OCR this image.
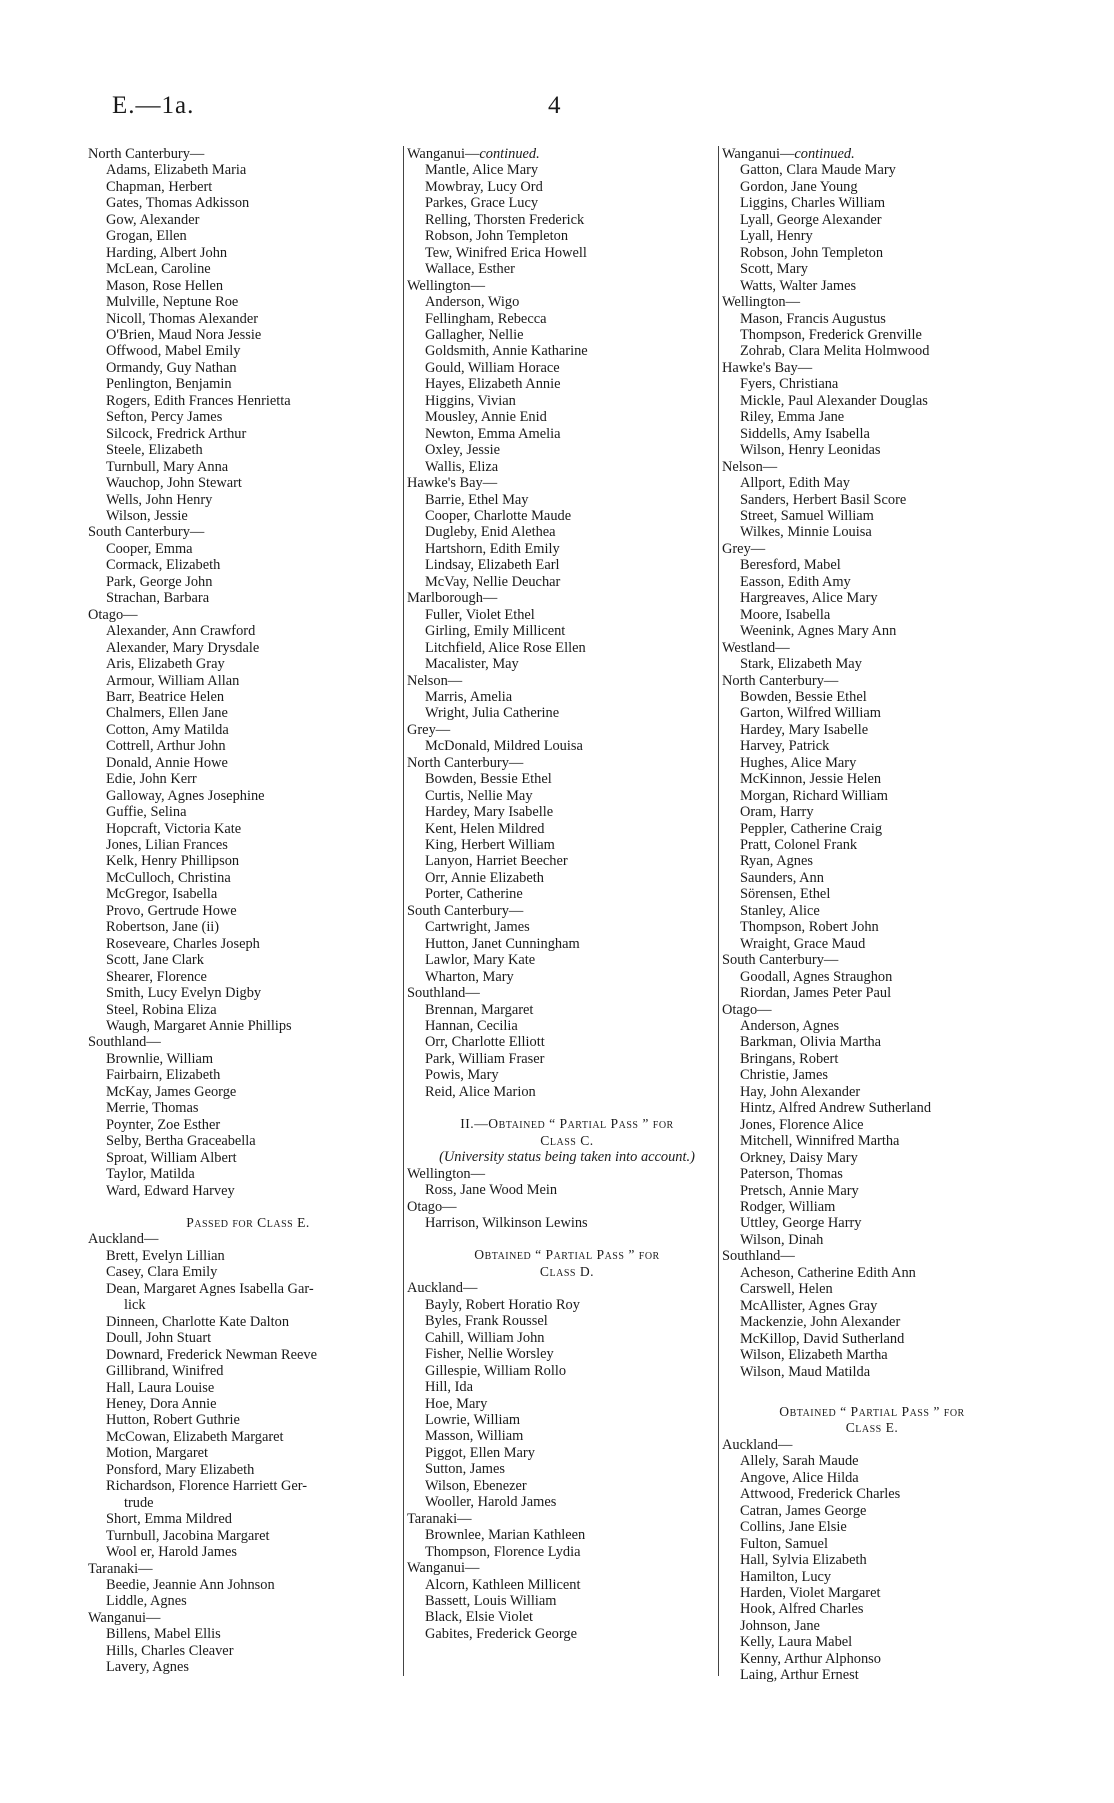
E.—1a.	4
North Canterbury—
Adams, Elizabeth Maria
Chapman, Herbert
Gates, Thomas Adkisson
Gow, Alexander
Grogan, Ellen
Harding, Albert John
McLean, Caroline
Mason, Rose Hellen
Mulville, Neptune Roe
Nicoll, Thomas Alexander
O'Brien, Maud Nora Jessie
Offwood, Mabel Emily
Ormandy, Guy Nathan
Penlington, Benjamin
Rogers, Edith Frances Henrietta
Sefton, Percy James
Silcock, Fredrick Arthur
Steele, Elizabeth
Turnbull, Mary Anna
Wauchop, John Stewart
Wells, John Henry
Wilson, Jessie
South Canterbury—
Cooper, Emma
Cormack, Elizabeth
Park, George John
Strachan, Barbara
Otago—
Alexander, Ann Crawford
Alexander, Mary Drysdale
Aris, Elizabeth Gray
Armour, William Allan
Barr, Beatrice Helen
Chalmers, Ellen Jane
Cotton, Amy Matilda
Cottrell, Arthur John
Donald, Annie Howe
Edie, John Kerr
Galloway, Agnes Josephine
Guffie, Selina
Hopcraft, Victoria Kate
Jones, Lilian Frances
Kelk, Henry Phillipson
McCulloch, Christina
McGregor, Isabella
Provo, Gertrude Howe
Robertson, Jane (ii)
Roseveare, Charles Joseph
Scott, Jane Clark
Shearer, Florence
Smith, Lucy Evelyn Digby
Steel, Robina Eliza
Waugh, Margaret Annie Phillips
Southland—
Brownlie, William
Fairbairn, Elizabeth
McKay, James George
Merrie, Thomas
Poynter, Zoe Esther
Selby, Bertha Graceabella
Sproat, William Albert
Taylor, Matilda
Ward, Edward Harvey
Passed for Class E.
Auckland—
Brett, Evelyn Lillian
Casey, Clara Emily
Dean, Margaret Agnes Isabella Gar-
lick
Dinneen, Charlotte Kate Dalton
Doull, John Stuart
Downard, Frederick Newman Reeve
Gillibrand, Winifred
Hall, Laura Louise
Heney, Dora Annie
Hutton, Robert Guthrie
McCowan, Elizabeth Margaret
Motion, Margaret
Ponsford, Mary Elizabeth
Richardson, Florence Harriett Ger-
trude
Short, Emma Mildred
Turnbull, Jacobina Margaret
Wool er, Harold James
Taranaki—
Beedie, Jeannie Ann Johnson
Liddle, Agnes
Wanganui—
Billens, Mabel Ellis
Hills, Charles Cleaver
Lavery, Agnes
Wanganui—continued.
Mantle, Alice Mary
Mowbray, Lucy Ord
Parkes, Grace Lucy
Relling, Thorsten Frederick
Robson, John Templeton
Tew, Winifred Erica Howell
Wallace, Esther
Wellington—
Anderson, Wigo
Fellingham, Rebecca
Gallagher, Nellie
Goldsmith, Annie Katharine
Gould, William Horace
Hayes, Elizabeth Annie
Higgins, Vivian
Mousley, Annie Enid
Newton, Emma Amelia
Oxley, Jessie
Wallis, Eliza
Hawke's Bay—
Barrie, Ethel May
Cooper, Charlotte Maude
Dugleby, Enid Alethea
Hartshorn, Edith Emily
Lindsay, Elizabeth Earl
McVay, Nellie Deuchar
Marlborough—
Fuller, Violet Ethel
Girling, Emily Millicent
Litchfield, Alice Rose Ellen
Macalister, May
Nelson—
Marris, Amelia
Wright, Julia Catherine
Grey—
McDonald, Mildred Louisa
North Canterbury—
Bowden, Bessie Ethel
Curtis, Nellie May
Hardey, Mary Isabelle
Kent, Helen Mildred
King, Herbert William
Lanyon, Harriet Beecher
Orr, Annie Elizabeth
Porter, Catherine
South Canterbury—
Cartwright, James
Hutton, Janet Cunningham
Lawlor, Mary Kate
Wharton, Mary
Southland—
Brennan, Margaret
Hannan, Cecilia
Orr, Charlotte Elliott
Park, William Fraser
Powis, Mary
Reid, Alice Marion
II.—Obtained “ Partial Pass ” for
Class C.
(University status being taken into account.)
Wellington—
Ross, Jane Wood Mein
Otago—
Harrison, Wilkinson Lewins
Obtained “ Partial Pass ” for
Class D.
Auckland—
Bayly, Robert Horatio Roy
Byles, Frank Roussel
Cahill, William John
Fisher, Nellie Worsley
Gillespie, William Rollo
Hill, Ida
Hoe, Mary
Lowrie, William
Masson, William
Piggot, Ellen Mary
Sutton, James
Wilson, Ebenezer
Wooller, Harold James
Taranaki—
Brownlee, Marian Kathleen
Thompson, Florence Lydia
Wanganui—
Alcorn, Kathleen Millicent
Bassett, Louis William
Black, Elsie Violet
Gabites, Frederick George
Wanganui—continued.
Gatton, Clara Maude Mary
Gordon, Jane Young
Liggins, Charles William
Lyall, George Alexander
Lyall, Henry
Robson, John Templeton
Scott, Mary
Watts, Walter James
Wellington—
Mason, Francis Augustus
Thompson, Frederick Grenville
Zohrab, Clara Melita Holmwood
Hawke's Bay—
Fyers, Christiana
Mickle, Paul Alexander Douglas
Riley, Emma Jane
Siddells, Amy Isabella
Wilson, Henry Leonidas
Nelson—
Allport, Edith May
Sanders, Herbert Basil Score
Street, Samuel William
Wilkes, Minnie Louisa
Grey—
Beresford, Mabel
Easson, Edith Amy
Hargreaves, Alice Mary
Moore, Isabella
Weenink, Agnes Mary Ann
Westland—
Stark, Elizabeth May
North Canterbury—
Bowden, Bessie Ethel
Garton, Wilfred William
Hardey, Mary Isabelle
Harvey, Patrick
Hughes, Alice Mary
McKinnon, Jessie Helen
Morgan, Richard William
Oram, Harry
Peppler, Catherine Craig
Pratt, Colonel Frank
Ryan, Agnes
Saunders, Ann
Sörensen, Ethel
Stanley, Alice
Thompson, Robert John
Wraight, Grace Maud
South Canterbury—
Goodall, Agnes Straughon
Riordan, James Peter Paul
Otago—
Anderson, Agnes
Barkman, Olivia Martha
Bringans, Robert
Christie, James
Hay, John Alexander
Hintz, Alfred Andrew Sutherland
Jones, Florence Alice
Mitchell, Winnifred Martha
Orkney, Daisy Mary
Paterson, Thomas
Pretsch, Annie Mary
Rodger, William
Uttley, George Harry
Wilson, Dinah
Southland—
Acheson, Catherine Edith Ann
Carswell, Helen
McAllister, Agnes Gray
Mackenzie, John Alexander
McKillop, David Sutherland
Wilson, Elizabeth Martha
Wilson, Maud Matilda
Obtained “ Partial Pass ” for
Class E.
Auckland—
Allely, Sarah Maude
Angove, Alice Hilda
Attwood, Frederick Charles
Catran, James George
Collins, Jane Elsie
Fulton, Samuel
Hall, Sylvia Elizabeth
Hamilton, Lucy
Harden, Violet Margaret
Hook, Alfred Charles
Johnson, Jane
Kelly, Laura Mabel
Kenny, Arthur Alphonso
Laing, Arthur Ernest
